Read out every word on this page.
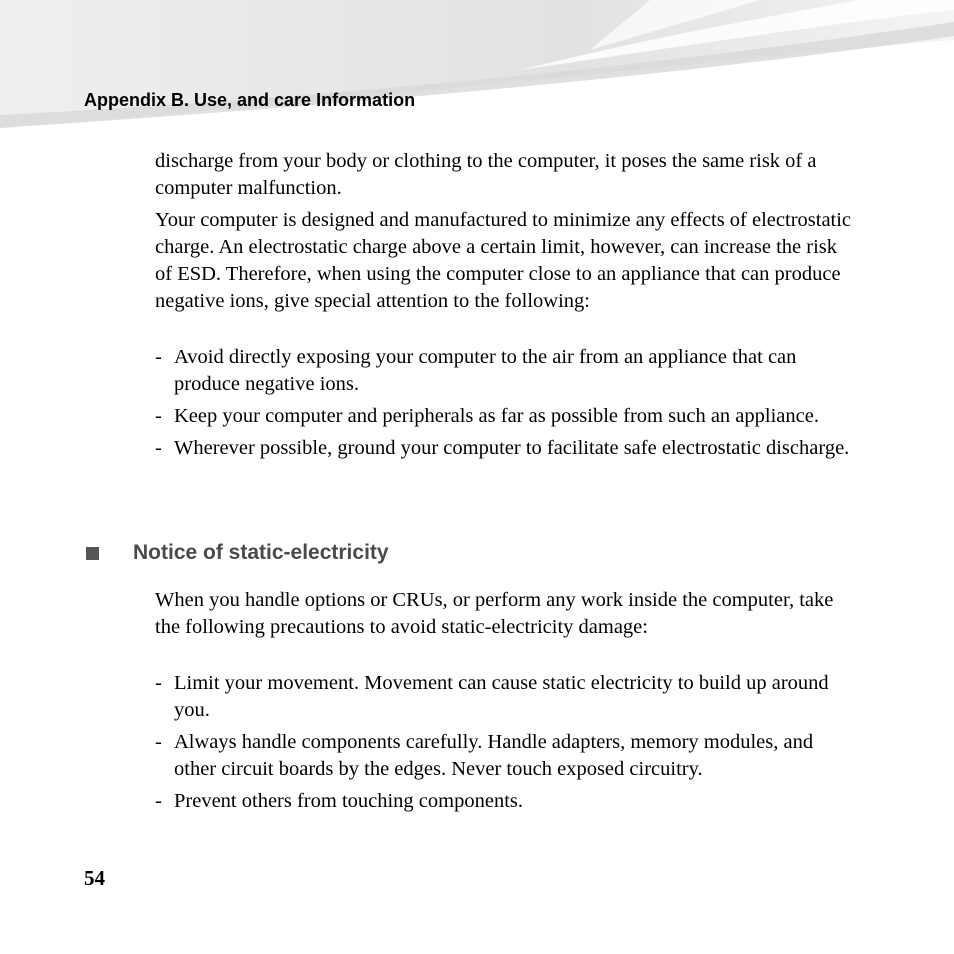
Appendix B. Use, and care Information

discharge from your body or clothing to the computer, it poses the same risk of a computer malfunction.

Your computer is designed and manufactured to minimize any effects of electrostatic charge. An electrostatic charge above a certain limit, however, can increase the risk of ESD. Therefore, when using the computer close to an appliance that can produce negative ions, give special attention to the following:

- Avoid directly exposing your computer to the air from an appliance that can produce negative ions.
- Keep your computer and peripherals as far as possible from such an appliance.
- Wherever possible, ground your computer to facilitate safe electrostatic discharge.
Notice of static-electricity

When you handle options or CRUs, or perform any work inside the computer, take the following precautions to avoid static-electricity damage:

- Limit your movement. Movement can cause static electricity to build up around you.
- Always handle components carefully. Handle adapters, memory modules, and other circuit boards by the edges. Never touch exposed circuitry.
- Prevent others from touching components.

54
